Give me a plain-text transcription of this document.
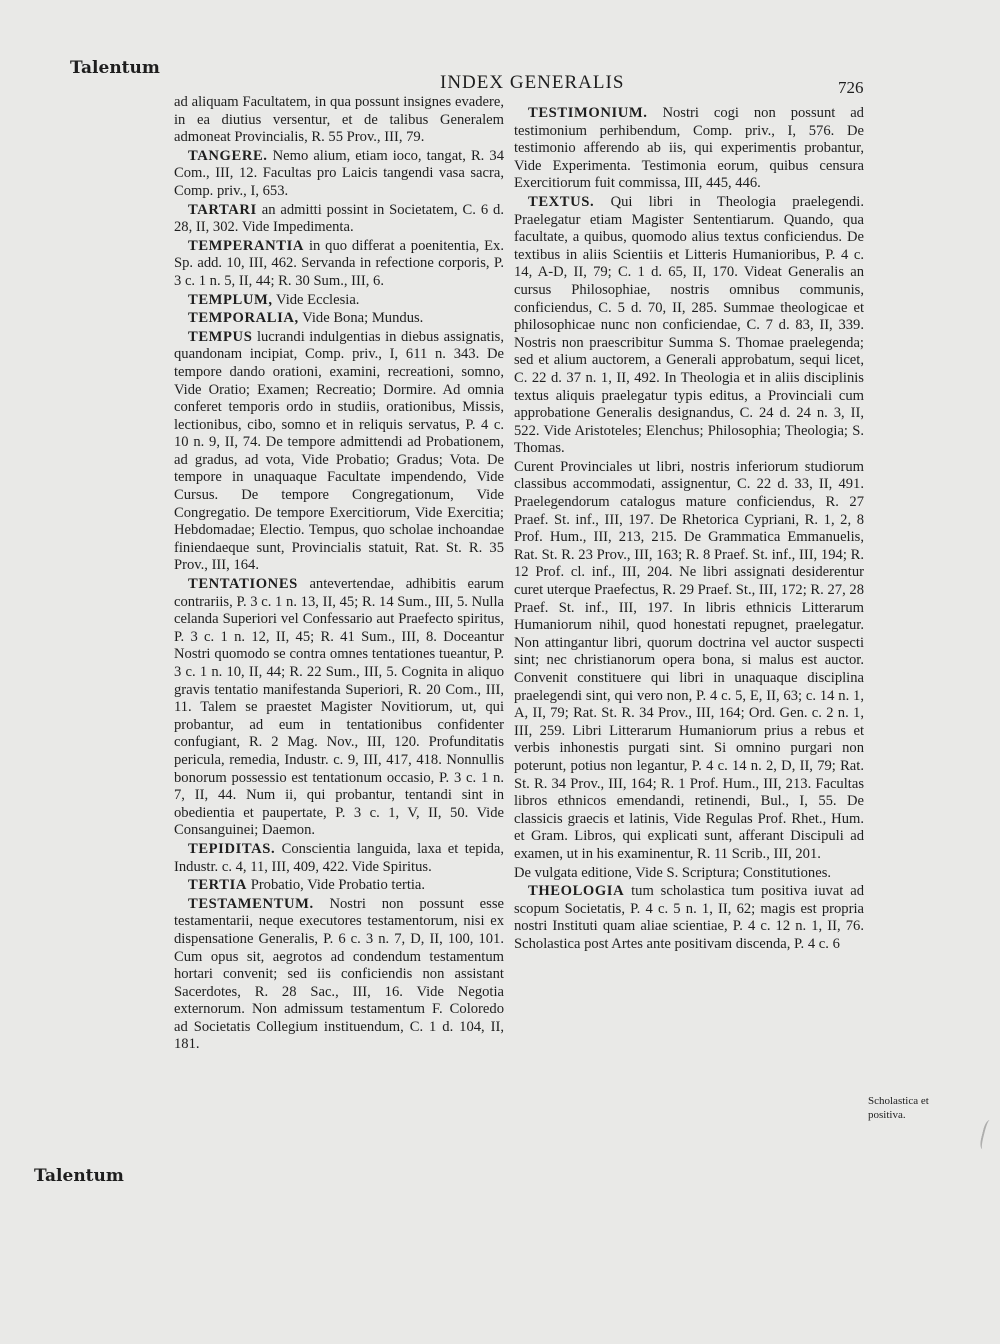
Talentum
INDEX GENERALIS	726

ad aliquam Facultatem, in qua possunt insignes evadere, in ea diutius versentur, et de talibus Generalem admoneat Provincialis, R. 55 Prov., III, 79.

TANGERE. Nemo alium, etiam ioco, tangat, R. 34 Com., III, 12. Facultas pro Laicis tangendi vasa sacra, Comp. priv., I, 653.

TARTARI an admitti possint in Societatem, C. 6 d. 28, II, 302. Vide Impedimenta.

TEMPERANTIA in quo differat a poenitentia, Ex. Sp. add. 10, III, 462. Servanda in refectione corporis, P. 3 c. 1 n. 5, II, 44; R. 30 Sum., III, 6.

TEMPLUM, Vide Ecclesia.

TEMPORALIA, Vide Bona; Mundus.

TEMPUS lucrandi indulgentias in diebus assignatis, quandonam incipiat, Comp. priv., I, 611 n. 343. De tempore dando orationi, examini, recreationi, somno, Vide Oratio; Examen; Recreatio; Dormire. Ad omnia conferet temporis ordo in studiis, orationibus, Missis, lectionibus, cibo, somno et in reliquis servatus, P. 4 c. 10 n. 9, II, 74. De tempore admittendi ad Probationem, ad gradus, ad vota, Vide Probatio; Gradus; Vota. De tempore in unaquaque Facultate impendendo, Vide Cursus. De tempore Congregationum, Vide Congregatio. De tempore Exercitiorum, Vide Exercitia; Hebdomadae; Electio. Tempus, quo scholae inchoandae finiendaeque sunt, Provincialis statuit, Rat. St. R. 35 Prov., III, 164.

TENTATIONES antevertendae, adhibitis earum contrariis, P. 3 c. 1 n. 13, II, 45; R. 14 Sum., III, 5. Nulla celanda Superiori vel Confessario aut Praefecto spiritus, P. 3 c. 1 n. 12, II, 45; R. 41 Sum., III, 8. Doceantur Nostri quomodo se contra omnes tentationes tueantur, P. 3 c. 1 n. 10, II, 44; R. 22 Sum., III, 5. Cognita in aliquo gravis tentatio manifestanda Superiori, R. 20 Com., III, 11. Talem se praestet Magister Novitiorum, ut, qui probantur, ad eum in tentationibus confidenter confugiant, R. 2 Mag. Nov., III, 120. Profunditatis pericula, remedia, Industr. c. 9, III, 417, 418. Nonnullis bonorum possessio est tentationum occasio, P. 3 c. 1 n. 7, II, 44. Num ii, qui probantur, tentandi sint in obedientia et paupertate, P. 3 c. 1, V, II, 50. Vide Consanguinei; Daemon.

TEPIDITAS. Conscientia languida, laxa et tepida, Industr. c. 4, 11, III, 409, 422. Vide Spiritus.

TERTIA Probatio, Vide Probatio tertia.

TESTAMENTUM. Nostri non possunt esse testamentarii, neque executores testamentorum, nisi ex dispensatione Generalis, P. 6 c. 3 n. 7, D, II, 100, 101. Cum opus sit, aegrotos ad condendum testamentum hortari convenit; sed iis conficiendis non assistant Sacerdotes, R. 28 Sac., III, 16. Vide Negotia externorum. Non admissum testamentum F. Coloredo ad Societatis Collegium instituendum, C. 1 d. 104, II, 181.

TESTIMONIUM. Nostri cogi non possunt ad testimonium perhibendum, Comp. priv., I, 576. De testimonio afferendo ab iis, qui experimentis probantur, Vide Experimenta. Testimonia eorum, quibus censura Exercitiorum fuit commissa, III, 445, 446.

TEXTUS. Qui libri in Theologia praelegendi. Praelegatur etiam Magister Sententiarum. Quando, qua facultate, a quibus, quomodo alius textus conficiendus. De textibus in aliis Scientiis et Litteris Humanioribus, P. 4 c. 14, A-D, II, 79; C. 1 d. 65, II, 170. Videat Generalis an cursus Philosophiae, nostris omnibus communis, conficiendus, C. 5 d. 70, II, 285. Summae theologicae et philosophicae nunc non conficiendae, C. 7 d. 83, II, 339. Nostris non praescribitur Summa S. Thomae praelegenda; sed et alium auctorem, a Generali approbatum, sequi licet, C. 22 d. 37 n. 1, II, 492. In Theologia et in aliis disciplinis textus aliquis praelegatur typis editus, a Provinciali cum approbatione Generalis designandus, C. 24 d. 24 n. 3, II, 522. Vide Aristoteles; Elenchus; Philosophia; Theologia; S. Thomas.

Curent Provinciales ut libri, nostris inferiorum studiorum classibus accommodati, assignentur, C. 22 d. 33, II, 491. Praelegendorum catalogus mature conficiendus, R. 27 Praef. St. inf., III, 197. De Rhetorica Cypriani, R. 1, 2, 8 Prof. Hum., III, 213, 215. De Grammatica Emmanuelis, Rat. St. R. 23 Prov., III, 163; R. 8 Praef. St. inf., III, 194; R. 12 Prof. cl. inf., III, 204. Ne libri assignati desiderentur curet uterque Praefectus, R. 29 Praef. St., III, 172; R. 27, 28 Praef. St. inf., III, 197. In libris ethnicis Litterarum Humaniorum nihil, quod honestati repugnet, praelegatur. Non attingantur libri, quorum doctrina vel auctor suspecti sint; nec christianorum opera bona, si malus est auctor. Convenit constituere qui libri in unaquaque disciplina praelegendi sint, qui vero non, P. 4 c. 5, E, II, 63; c. 14 n. 1, A, II, 79; Rat. St. R. 34 Prov., III, 164; Ord. Gen. c. 2 n. 1, III, 259. Libri Litterarum Humaniorum prius a rebus et verbis inhonestis purgati sint. Si omnino purgari non poterunt, potius non legantur, P. 4 c. 14 n. 2, D, II, 79; Rat. St. R. 34 Prov., III, 164; R. 1 Prof. Hum., III, 213. Facultas libros ethnicos emendandi, retinendi, Bul., I, 55. De classicis graecis et latinis, Vide Regulas Prof. Rhet., Hum. et Gram. Libros, qui explicati sunt, afferant Discipuli ad examen, ut in his examinentur, R. 11 Scrib., III, 201.

De vulgata editione, Vide S. Scriptura; Constitutiones.

THEOLOGIA tum scholastica tum positiva iuvat ad scopum Societatis, P. 4 c. 5 n. 1, II, 62; magis est propria nostri Instituti quam aliae scientiae, P. 4 c. 12 n. 1, II, 76. Scholastica post Artes ante positivam discenda, P. 4 c. 6

Scholastica et positiva.
Talentum
